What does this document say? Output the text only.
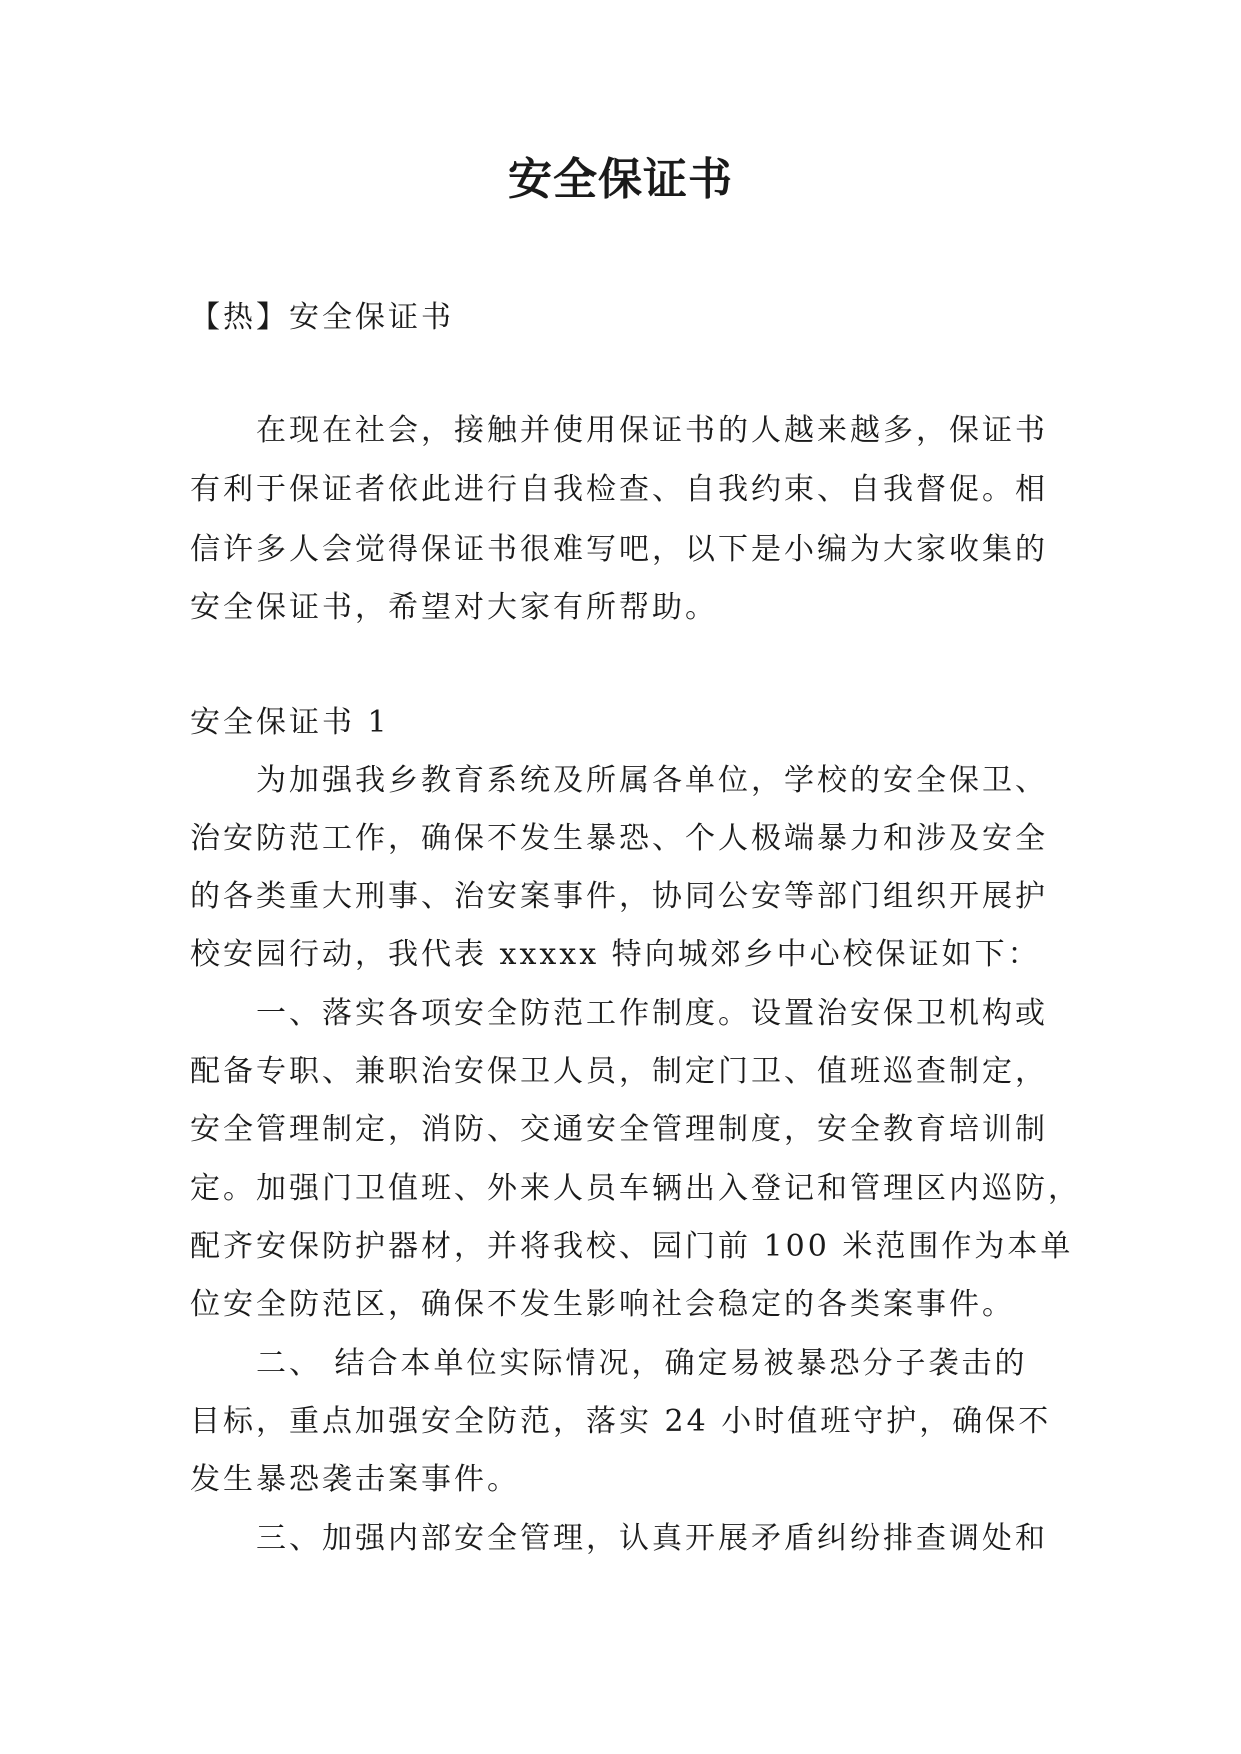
安全保证书
【热】安全保证书
在现在社会，接触并使用保证书的人越来越多，保证书
有利于保证者依此进行自我检查、自我约束、自我督促。相
信许多人会觉得保证书很难写吧，以下是小编为大家收集的
安全保证书，希望对大家有所帮助。
安全保证书 1
为加强我乡教育系统及所属各单位，学校的安全保卫、
治安防范工作，确保不发生暴恐、个人极端暴力和涉及安全
的各类重大刑事、治安案事件，协同公安等部门组织开展护
校安园行动，我代表 xxxxx 特向城郊乡中心校保证如下：
一、落实各项安全防范工作制度。设置治安保卫机构或
配备专职、兼职治安保卫人员，制定门卫、值班巡查制定，
安全管理制定，消防、交通安全管理制度，安全教育培训制
定。加强门卫值班、外来人员车辆出入登记和管理区内巡防，
配齐安保防护器材，并将我校、园门前 100 米范围作为本单
位安全防范区，确保不发生影响社会稳定的各类案事件。
二、 结合本单位实际情况，确定易被暴恐分子袭击的
目标，重点加强安全防范，落实 24 小时值班守护，确保不
发生暴恐袭击案事件。
三、加强内部安全管理，认真开展矛盾纠纷排查调处和
